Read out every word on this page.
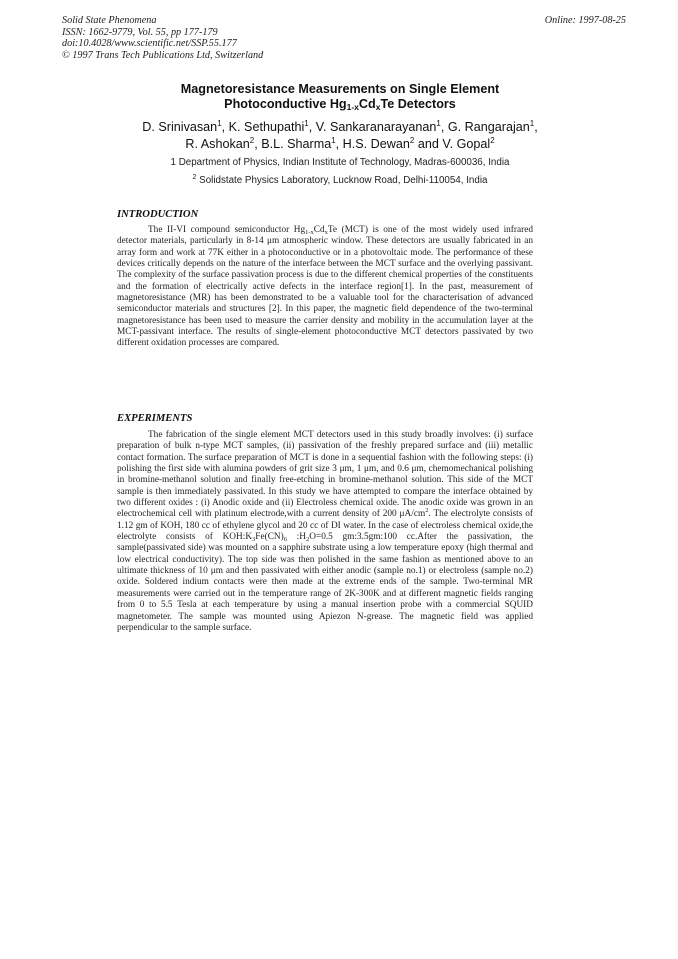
Solid State Phenomena
ISSN: 1662-9779, Vol. 55, pp 177-179
doi:10.4028/www.scientific.net/SSP.55.177
© 1997 Trans Tech Publications Ltd, Switzerland
Online: 1997-08-25
Magnetoresistance Measurements on Single Element
Photoconductive $Hg_{1-x}Cd_xTe$ Detectors
D. Srinivasan$^1$, K. Sethupathi$^1$, V. Sankaranarayanan$^1$, G. Rangarajan$^1$,
R. Ashokan$^2$, B.L. Sharma$^1$, H.S. Dewan$^2$ and V. Gopal$^2$
1 Department of Physics, Indian Institute of Technology, Madras-600036, India
$^2$ Solidstate Physics Laboratory, Lucknow Road, Delhi-110054, India
INTRODUCTION
The II-VI compound semiconductor $Hg_{1-x}Cd_xTe$ (MCT) is one of the most widely used infrared detector materials, particularly in 8-14 μm atmospheric window. These detectors are usually fabricated in an array form and work at 77K either in a photoconductive or in a photovoltaic mode. The performance of these devices critically depends on the nature of the interface between the MCT surface and the overlying passivant. The complexity of the surface passivation process is due to the different chemical properties of the constituents and the formation of electrically active defects in the interface region[1]. In the past, measurement of magnetoresistance (MR) has been demonstrated to be a valuable tool for the characterisation of advanced semiconductor materials and structures [2]. In this paper, the magnetic field dependence of the two-terminal magnetoresistance has been used to measure the carrier density and mobility in the accumulation layer at the MCT-passivant interface. The results of single-element photoconductive MCT detectors passivated by two different oxidation processes are compared.
EXPERIMENTS
The fabrication of the single element MCT detectors used in this study broadly involves: (i) surface preparation of bulk n-type MCT samples, (ii) passivation of the freshly prepared surface and (iii) metallic contact formation. The surface preparation of MCT is done in a sequential fashion with the following steps: (i) polishing the first side with alumina powders of grit size 3 μm, 1 μm, and 0.6 μm, chemomechanical polishing in bromine-methanol solution and finally free-etching in bromine-methanol solution. This side of the MCT sample is then immediately passivated. In this study we have attempted to compare the interface obtained by two different oxides : (i) Anodic oxide and (ii) Electroless chemical oxide. The anodic oxide was grown in an electrochemical cell with platinum electrode,with a current density of 200 $\mu A/cm^2$. The electrolyte consists of 1.12 gm of KOH, 180 cc of ethylene glycol and 20 cc of DI water. In the case of electroless chemical oxide,the electrolyte consists of $KOH:K_3Fe(CN)_6$ $:H_2O=0.5$ gm:3.5gm:100 cc.After the passivation, the sample(passivated side) was mounted on a sapphire substrate using a low temperature epoxy (high thermal and low electrical conductivity). The top side was then polished in the same fashion as mentioned above to an ultimate thickness of 10 μm and then passivated with either anodic (sample no.1) or electroless (sample no.2) oxide. Soldered indium contacts were then made at the extreme ends of the sample. Two-terminal MR measurements were carried out in the temperature range of 2K-300K and at different magnetic fields ranging from 0 to 5.5 Tesla at each temperature by using a manual insertion probe with a commercial SQUID magnetometer. The sample was mounted using Apiezon N-grease. The magnetic field was applied perpendicular to the sample surface.
